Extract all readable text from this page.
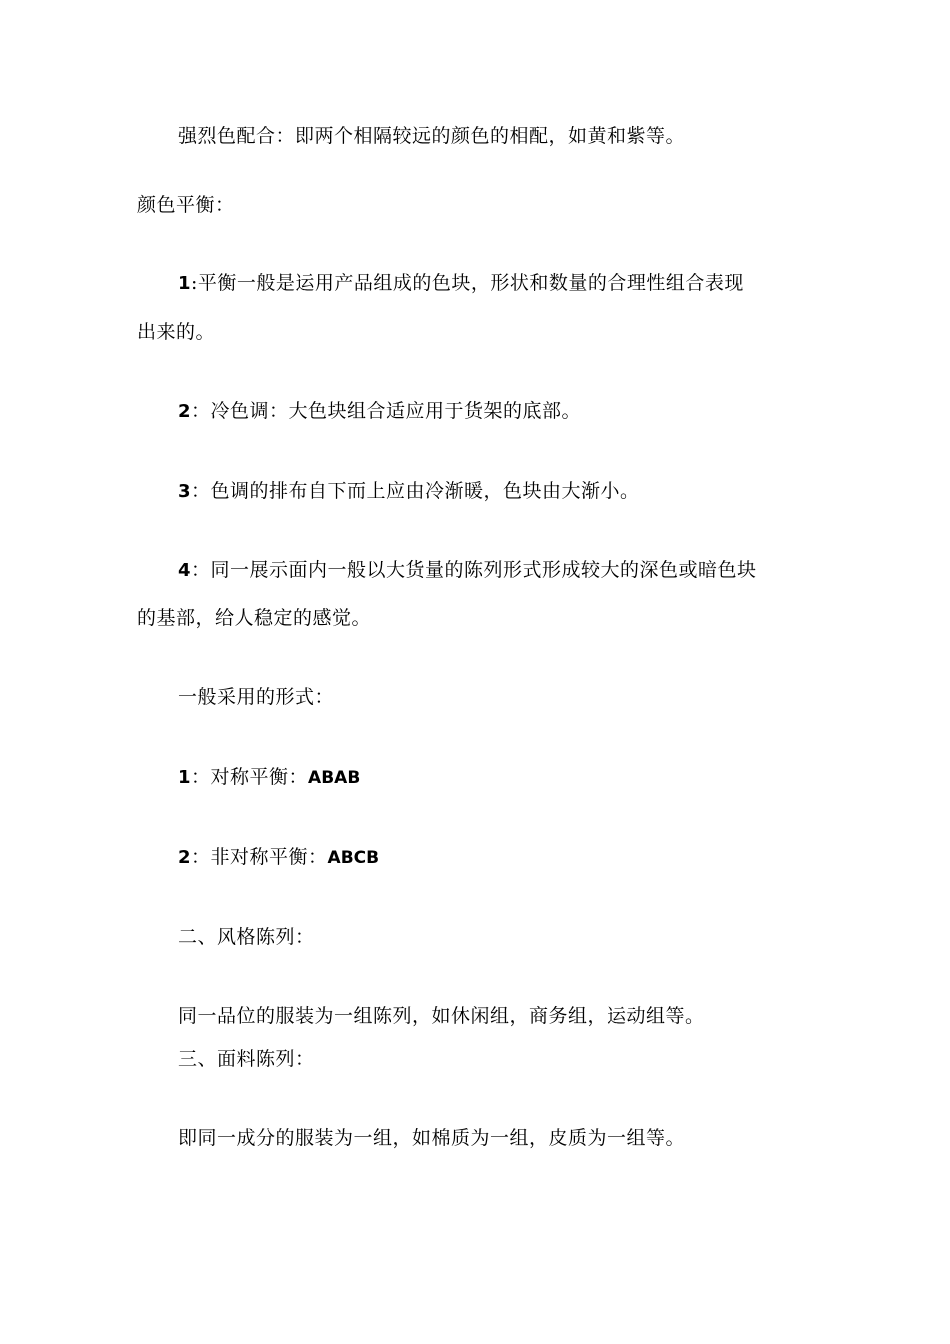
强烈色配合：即两个相隔较远的颜色的相配，如黄和紫等。
颜色平衡：
1:平衡一般是运用产品组成的色块，形状和数量的合理性组合表现
出来的。
2：冷色调：大色块组合适应用于货架的底部。
3：色调的排布自下而上应由冷渐暖，色块由大渐小。
4：同一展示面内一般以大货量的陈列形式形成较大的深色或暗色块
的基部，给人稳定的感觉。
一般采用的形式：
1：对称平衡：ABAB
2：非对称平衡：ABCB
二、风格陈列：
同一品位的服装为一组陈列，如休闲组，商务组，运动组等。
三、面料陈列：
即同一成分的服装为一组，如棉质为一组，皮质为一组等。
